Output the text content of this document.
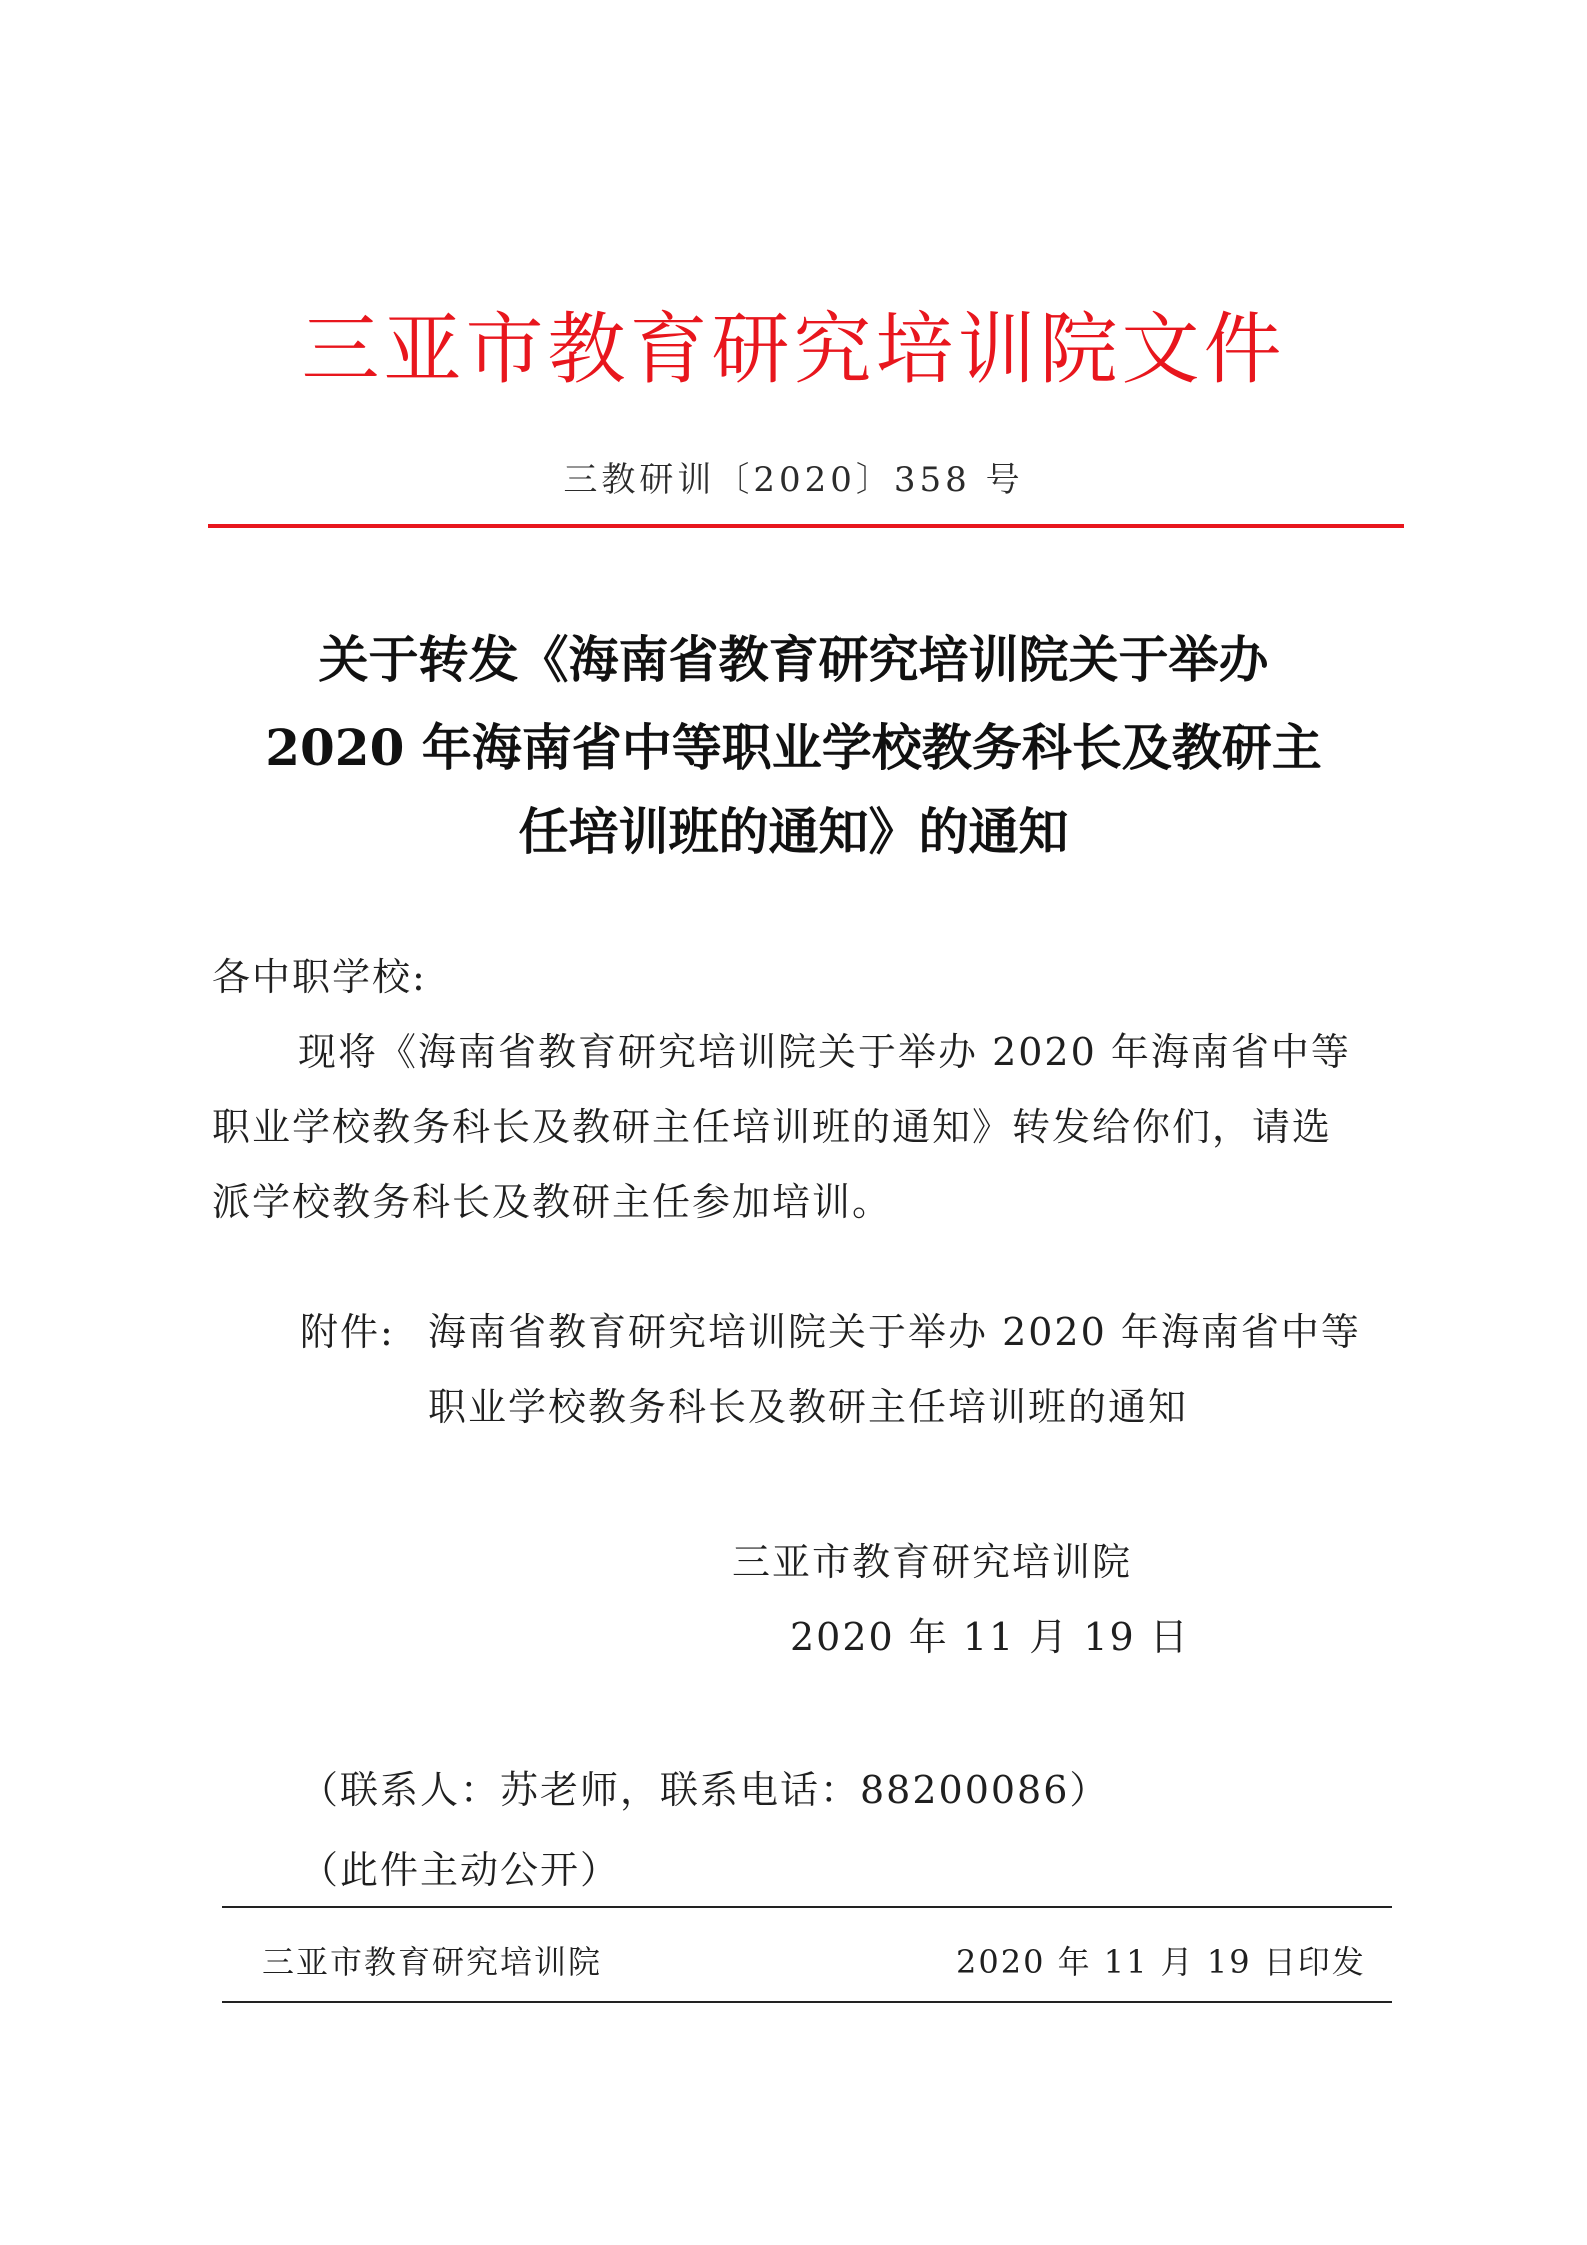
三亚市教育研究培训院文件
三教研训〔2020〕358 号
关于转发《海南省教育研究培训院关于举办
2020 年海南省中等职业学校教务科长及教研主
任培训班的通知》的通知
各中职学校:
现将《海南省教育研究培训院关于举办 2020 年海南省中等
职业学校教务科长及教研主任培训班的通知》转发给你们，请选
派学校教务科长及教研主任参加培训。
附件: 海南省教育研究培训院关于举办 2020 年海南省中等
职业学校教务科长及教研主任培训班的通知
三亚市教育研究培训院
2020 年 11 月 19 日
（联系人：苏老师，联系电话：88200086）
（此件主动公开）
三亚市教育研究培训院	2020 年 11 月 19 日印发
